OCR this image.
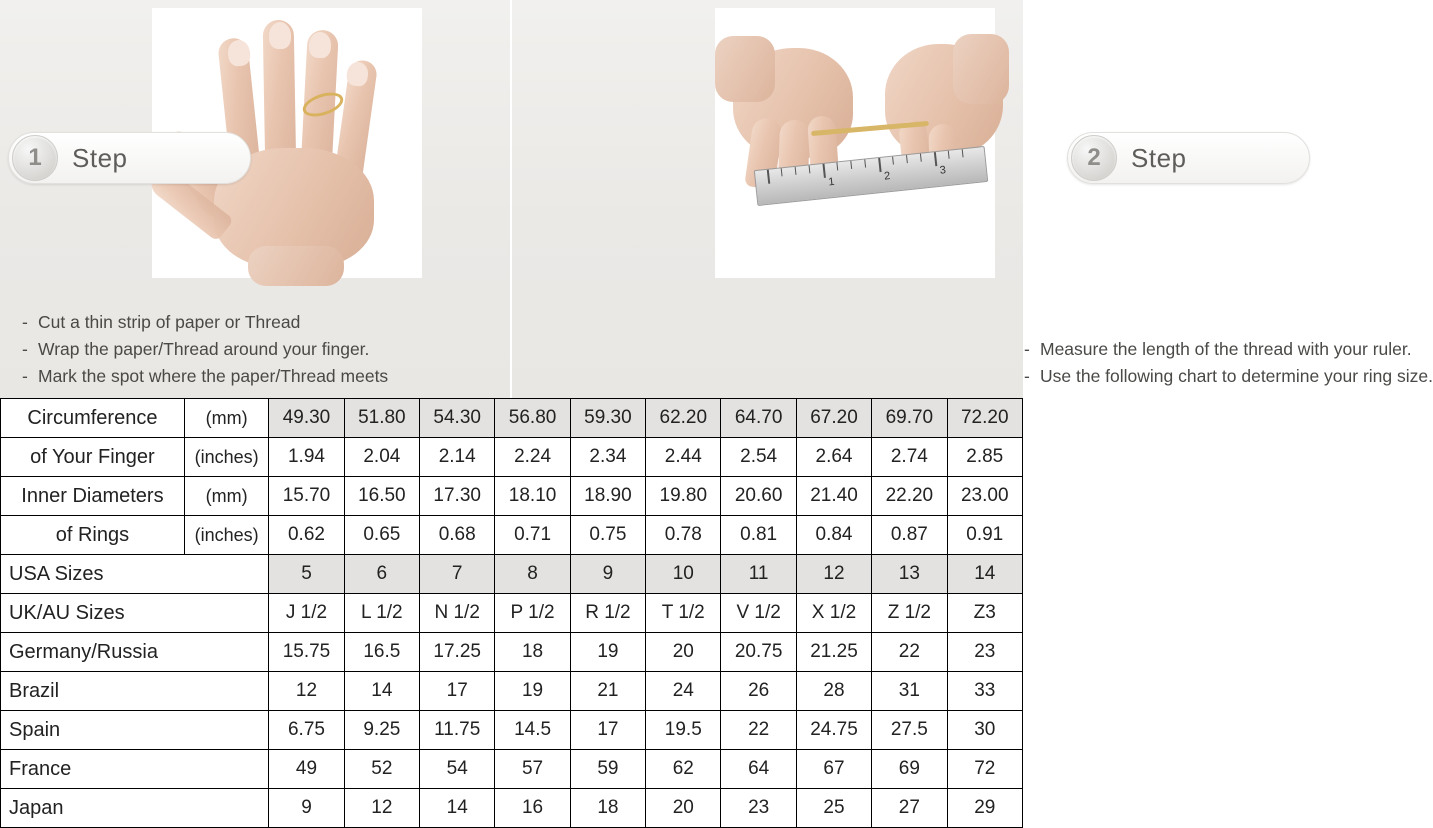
1	Step
- Cut a thin strip of paper or Thread
- Wrap the paper/Thread around your finger.
- Mark the spot where the paper/Thread meets
1	2	3	2	Step
- Measure the length of the thread with your ruler.
- Use the following chart to determine your ring size.
Circumference	(mm)	49.30	51.80	54.30	56.80	59.30	62.20	64.70	67.20	69.70	72.20
of Your Finger	(inches)	1.94	2.04	2.14	2.24	2.34	2.44	2.54	2.64	2.74	2.85
Inner Diameters	(mm)	15.70	16.50	17.30	18.10	18.90	19.80	20.60	21.40	22.20	23.00
of Rings	(inches)	0.62	0.65	0.68	0.71	0.75	0.78	0.81	0.84	0.87	0.91
USA Sizes		5	6	7	8	9	10	11	12	13	14
UK/AU Sizes		J 1/2	L 1/2	N 1/2	P 1/2	R 1/2	T 1/2	V 1/2	X 1/2	Z 1/2	Z3
Germany/Russia		15.75	16.5	17.25	18	19	20	20.75	21.25	22	23
Brazil		12	14	17	19	21	24	26	28	31	33
Spain		6.75	9.25	11.75	14.5	17	19.5	22	24.75	27.5	30
France		49	52	54	57	59	62	64	67	69	72
Japan		9	12	14	16	18	20	23	25	27	29
